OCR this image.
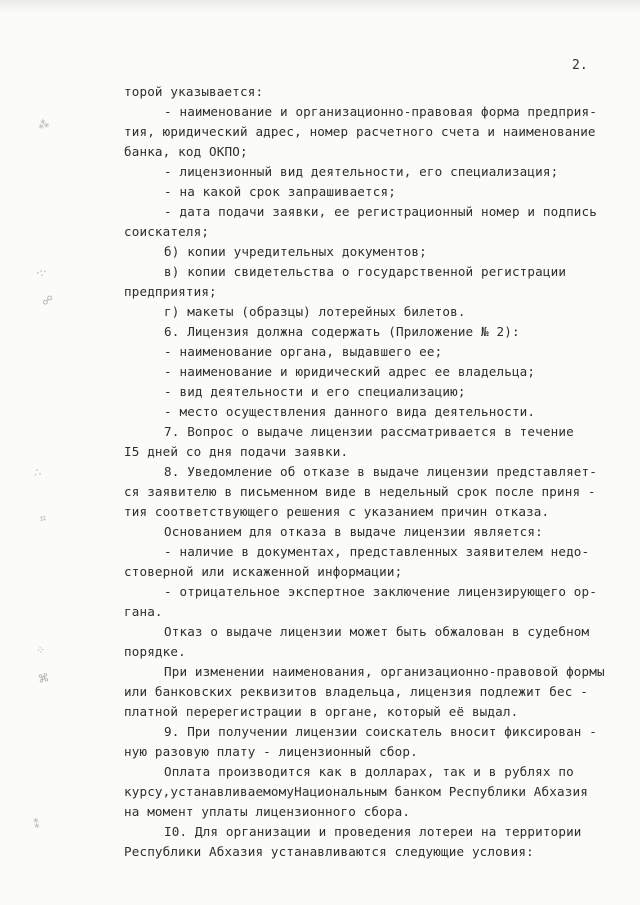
2.
торой указывается:
- наименование и организационно-правовая форма предприя-
тия, юридический адрес, номер расчетного счета и наименование
банка, код ОКПО;
- лицензионный вид деятельности, его специализация;
- на какой срок запрашивается;
- дата подачи заявки, ее регистрационный номер и подпись
соискателя;
б) копии учредительных документов;
в) копии свидетельства о государственной регистрации
предприятия;
г) макеты (образцы) лотерейных билетов.
6. Лицензия должна содержать (Приложение № 2):
- наименование органа, выдавшего ее;
- наименование и юридический адрес ее владельца;
- вид деятельности и его специализацию;
- место осуществления данного вида деятельности.
7. Вопрос о выдаче лицензии рассматривается в течение
I5 дней со дня подачи заявки.
8. Уведомление об отказе в выдаче лицензии представляет-
ся заявителю в письменном виде в недельный срок после приня -
тия соответствующего решения с указанием причин отказа.
Основанием для отказа в выдаче лицензии является:
- наличие в документах, представленных заявителем недо-
стоверной или искаженной информации;
- отрицательное экспертное заключение лицензирующего ор-
гана.
Отказ о выдаче лицензии может быть обжалован в судебном
порядке.
При изменении наименования, организационно-правовой формы
или банковских реквизитов владельца, лицензия подлежит бес -
платной перерегистрации в органе, который её выдал.
9. При получении лицензии соискатель вносит фиксирован -
ную разовую плату - лицензионный сбор.
Оплата производится как в долларах, так и в рублях по
курсу,устанавливаемомуНациональным банком Республики Абхазия
на момент уплаты лицензионного сбора.
I0. Для организации и проведения лотереи на территории
Республики Абхазия устанавливаются следующие условия:
⁂
·:·
☍
∴
⌗
⁘
⌘
⁑
